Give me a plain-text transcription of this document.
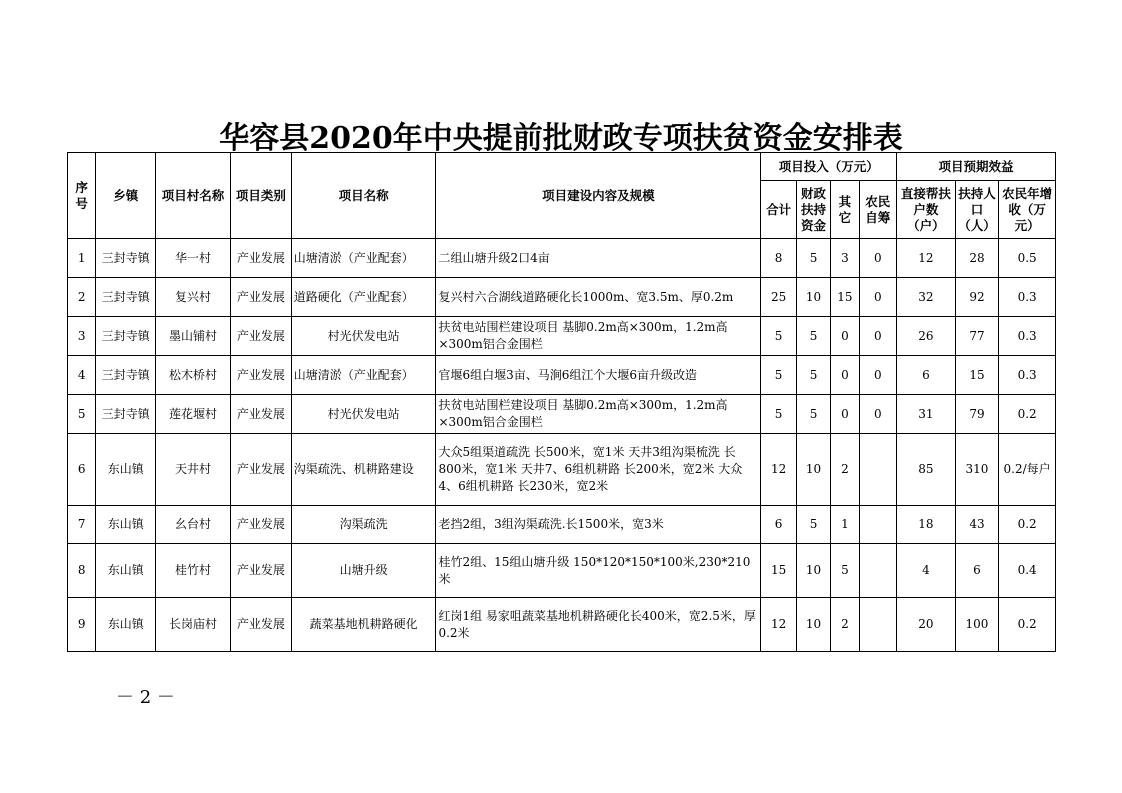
华容县2020年中央提前批财政专项扶贫资金安排表
序号	乡镇	项目村名称	项目类别	项目名称	项目建设内容及规模	项目投入（万元）				项目预期效益		
						合计	财政扶持资金	其它	农民自筹	直接帮扶户数（户）	扶持人口（人）	农民年增收（万元）
1	三封寺镇	华一村	产业发展	山塘清淤（产业配套）	二组山塘升级2口4亩	8	5	3	0	12	28	0.5
2	三封寺镇	复兴村	产业发展	道路硬化（产业配套）	复兴村六合湖线道路硬化长1000m、宽3.5m、厚0.2m	25	10	15	0	32	92	0.3
3	三封寺镇	墨山铺村	产业发展	村光伏发电站	扶贫电站围栏建设项目 基脚0.2m高×300m，1.2m高×300m铝合金围栏	5	5	0	0	26	77	0.3
4	三封寺镇	松木桥村	产业发展	山塘清淤（产业配套）	官堰6组白堰3亩、马涧6组江个大堰6亩升级改造	5	5	0	0	6	15	0.3
5	三封寺镇	莲花堰村	产业发展	村光伏发电站	扶贫电站围栏建设项目 基脚0.2m高×300m，1.2m高×300m铝合金围栏	5	5	0	0	31	79	0.2
6	东山镇	天井村	产业发展	沟渠疏洗、机耕路建设	大众5组渠道疏洗 长500米，宽1米 天井3组沟渠梳洗 长800米，宽1米 天井7、6组机耕路 长200米，宽2米 大众4、6组机耕路 长230米，宽2米	12	10	2		85	310	0.2/每户
7	东山镇	幺台村	产业发展	沟渠疏洗	老挡2组，3组沟渠疏洗.长1500米，宽3米	6	5	1		18	43	0.2
8	东山镇	桂竹村	产业发展	山塘升级	桂竹2组、15组山塘升级 150*120*150*100米,230*210米	15	10	5		4	6	0.4
9	东山镇	长岗庙村	产业发展	蔬菜基地机耕路硬化	红岗1组 易家咀蔬菜基地机耕路硬化长400米，宽2.5米，厚0.2米	12	10	2		20	100	0.2
－ 2 －
